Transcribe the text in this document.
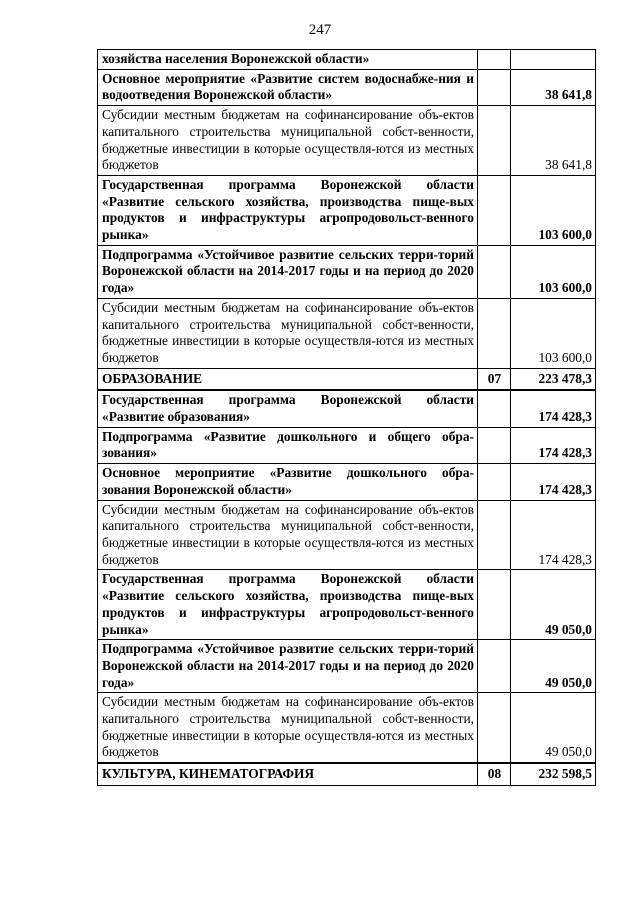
247
хозяйства населения Воронежской области»		
Основное мероприятие «Развитие систем водоснабже-ния и водоотведения Воронежской области»		38 641,8
Субсидии местным бюджетам на софинансирование объ-ектов капитального строительства муниципальной собст-венности, бюджетные инвестиции в которые осуществля-ются из местных бюджетов		38 641,8
Государственная программа Воронежской области «Развитие сельского хозяйства, производства пище-вых продуктов и инфраструктуры агропродовольст-венного рынка»		103 600,0
Подпрограмма «Устойчивое развитие сельских терри-торий Воронежской области на 2014-2017 годы и на период до 2020 года»		103 600,0
Субсидии местным бюджетам на софинансирование объ-ектов капитального строительства муниципальной собст-венности, бюджетные инвестиции в которые осуществля-ются из местных бюджетов		103 600,0
ОБРАЗОВАНИЕ	07	223 478,3
Государственная программа Воронежской области «Развитие образования»		174 428,3
Подпрограмма «Развитие дошкольного и общего обра-зования»		174 428,3
Основное мероприятие «Развитие дошкольного обра-зования Воронежской области»		174 428,3
Субсидии местным бюджетам на софинансирование объ-ектов капитального строительства муниципальной собст-венности, бюджетные инвестиции в которые осуществля-ются из местных бюджетов		174 428,3
Государственная программа Воронежской области «Развитие сельского хозяйства, производства пище-вых продуктов и инфраструктуры агропродовольст-венного рынка»		49 050,0
Подпрограмма «Устойчивое развитие сельских терри-торий Воронежской области на 2014-2017 годы и на период до 2020 года»		49 050,0
Субсидии местным бюджетам на софинансирование объ-ектов капитального строительства муниципальной собст-венности, бюджетные инвестиции в которые осуществля-ются из местных бюджетов		49 050,0
КУЛЬТУРА, КИНЕМАТОГРАФИЯ	08	232 598,5
